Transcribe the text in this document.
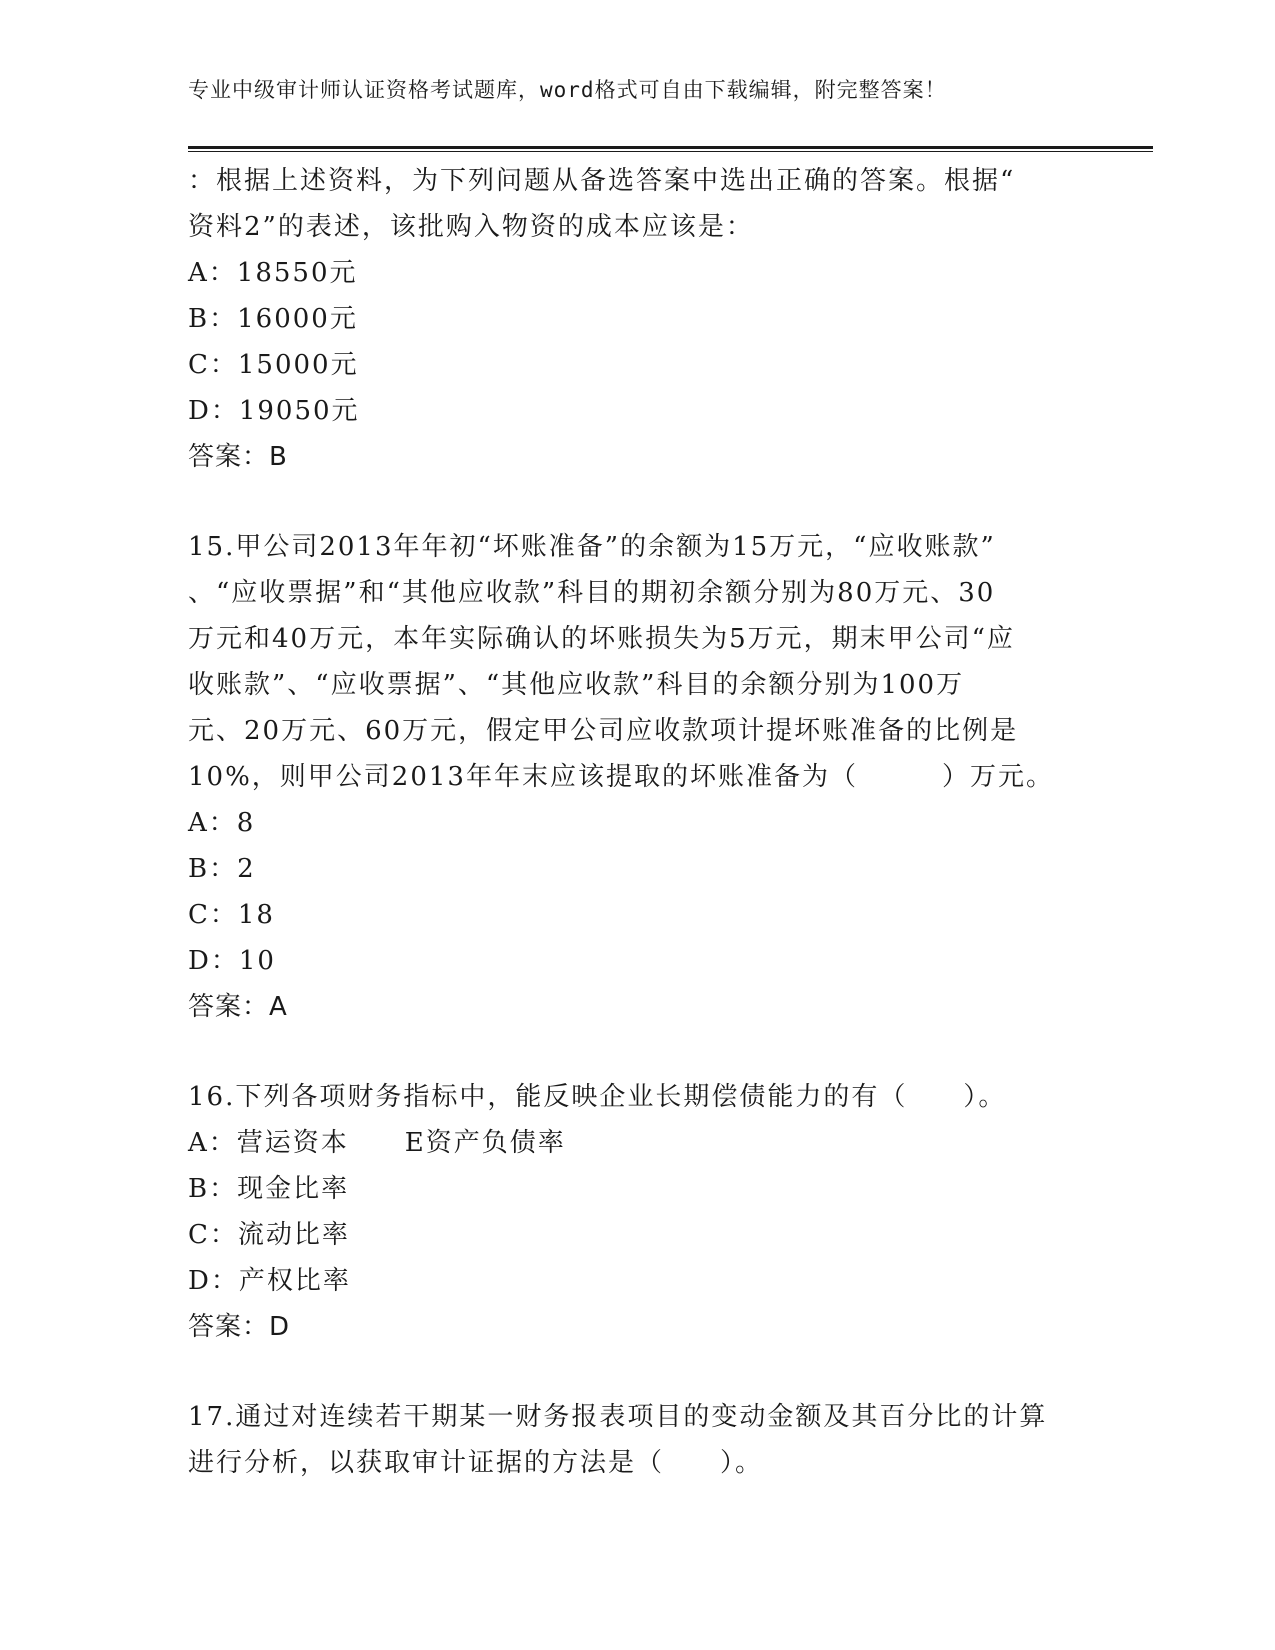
专业中级审计师认证资格考试题库，word格式可自由下载编辑，附完整答案！
：根据上述资料，为下列问题从备选答案中选出正确的答案。根据“
资料2”的表述，该批购入物资的成本应该是：
A：18550元
B：16000元
C：15000元
D：19050元
答案：B
15.甲公司2013年年初“坏账准备”的余额为15万元，“应收账款”
、“应收票据”和“其他应收款”科目的期初余额分别为80万元、30
万元和40万元，本年实际确认的坏账损失为5万元，期末甲公司“应
收账款”、“应收票据”、“其他应收款”科目的余额分别为100万
元、20万元、60万元，假定甲公司应收款项计提坏账准备的比例是
10%，则甲公司2013年年末应该提取的坏账准备为（　　　）万元。
A：8
B：2
C：18
D：10
答案：A
16.下列各项财务指标中，能反映企业长期偿债能力的有（　　）。
A：营运资本　　E资产负债率
B：现金比率
C：流动比率
D：产权比率
答案：D
17.通过对连续若干期某一财务报表项目的变动金额及其百分比的计算
进行分析，以获取审计证据的方法是（　　）。
